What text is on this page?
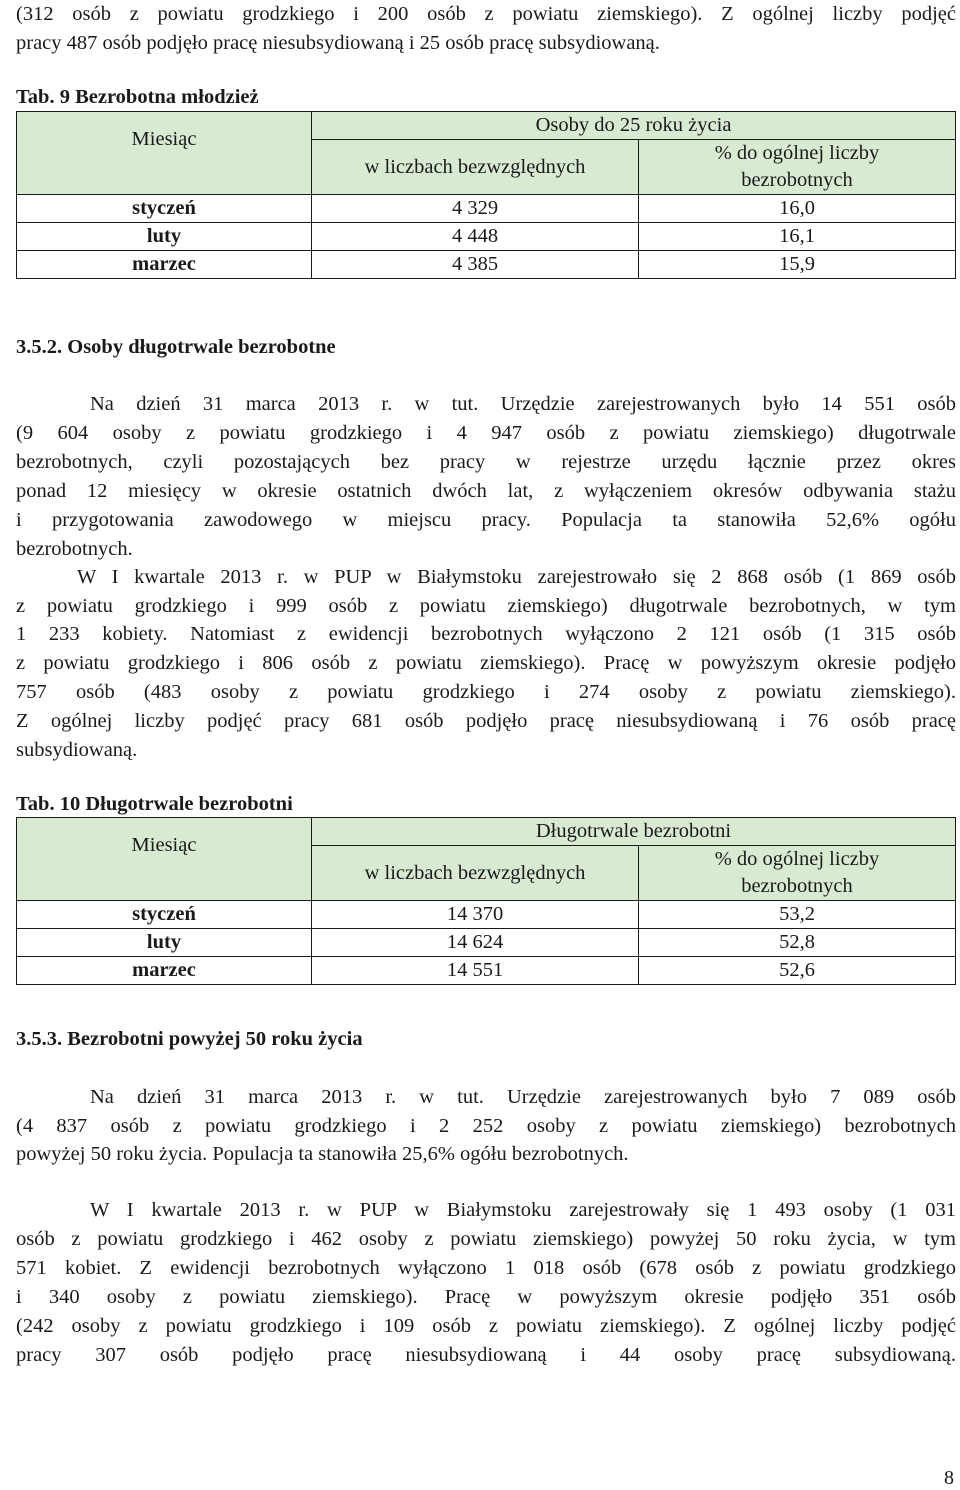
(312 osób z powiatu grodzkiego i 200 osób z powiatu ziemskiego). Z ogólnej liczby podjęć
pracy 487 osób podjęło pracę niesubsydiowaną i 25 osób pracę subsydiowaną.
Tab. 9 Bezrobotna młodzież
Miesiąc	Osoby do 25 roku życia	
	w liczbach bezwzględnych	% do ogólnej liczby
bezrobotnych

styczeń	4 329	16,0
luty	4 448	16,1
marzec	4 385	15,9
3.5.2. Osoby długotrwale bezrobotne
Na dzień 31 marca 2013 r. w tut. Urzędzie zarejestrowanych było 14 551 osób
(9 604 osoby z powiatu grodzkiego i 4 947 osób z powiatu ziemskiego) długotrwale
bezrobotnych, czyli pozostających bez pracy w rejestrze urzędu łącznie przez okres
ponad 12 miesięcy w okresie ostatnich dwóch lat, z wyłączeniem okresów odbywania stażu
i przygotowania zawodowego w miejscu pracy. Populacja ta stanowiła 52,6% ogółu
bezrobotnych.
W I kwartale 2013 r. w PUP w Białymstoku zarejestrowało się 2 868 osób (1 869 osób
z powiatu grodzkiego i 999 osób z powiatu ziemskiego) długotrwale bezrobotnych, w tym
1 233 kobiety. Natomiast z ewidencji bezrobotnych wyłączono 2 121 osób (1 315 osób
z powiatu grodzkiego i 806 osób z powiatu ziemskiego). Pracę w powyższym okresie podjęło
757 osób (483 osoby z powiatu grodzkiego i 274 osoby z powiatu ziemskiego).
Z ogólnej liczby podjęć pracy 681 osób podjęło pracę niesubsydiowaną i 76 osób pracę
subsydiowaną.
Tab. 10 Długotrwale bezrobotni
Miesiąc	Długotrwale bezrobotni	
	w liczbach bezwzględnych	% do ogólnej liczby
bezrobotnych

styczeń	14 370	53,2
luty	14 624	52,8
marzec	14 551	52,6
3.5.3. Bezrobotni powyżej 50 roku życia
Na dzień 31 marca 2013 r. w tut. Urzędzie zarejestrowanych było 7 089 osób
(4 837 osób z powiatu grodzkiego i 2 252 osoby z powiatu ziemskiego) bezrobotnych
powyżej 50 roku życia. Populacja ta stanowiła 25,6% ogółu bezrobotnych.
W I kwartale 2013 r. w PUP w Białymstoku zarejestrowały się 1 493 osoby (1 031
osób z powiatu grodzkiego i 462 osoby z powiatu ziemskiego) powyżej 50 roku życia, w tym
571 kobiet. Z ewidencji bezrobotnych wyłączono 1 018 osób (678 osób z powiatu grodzkiego
i 340 osoby z powiatu ziemskiego). Pracę w powyższym okresie podjęło 351 osób
(242 osoby z powiatu grodzkiego i 109 osób z powiatu ziemskiego). Z ogólnej liczby podjęć
pracy 307 osób podjęło pracę niesubsydiowaną i 44 osoby pracę subsydiowaną.
8
